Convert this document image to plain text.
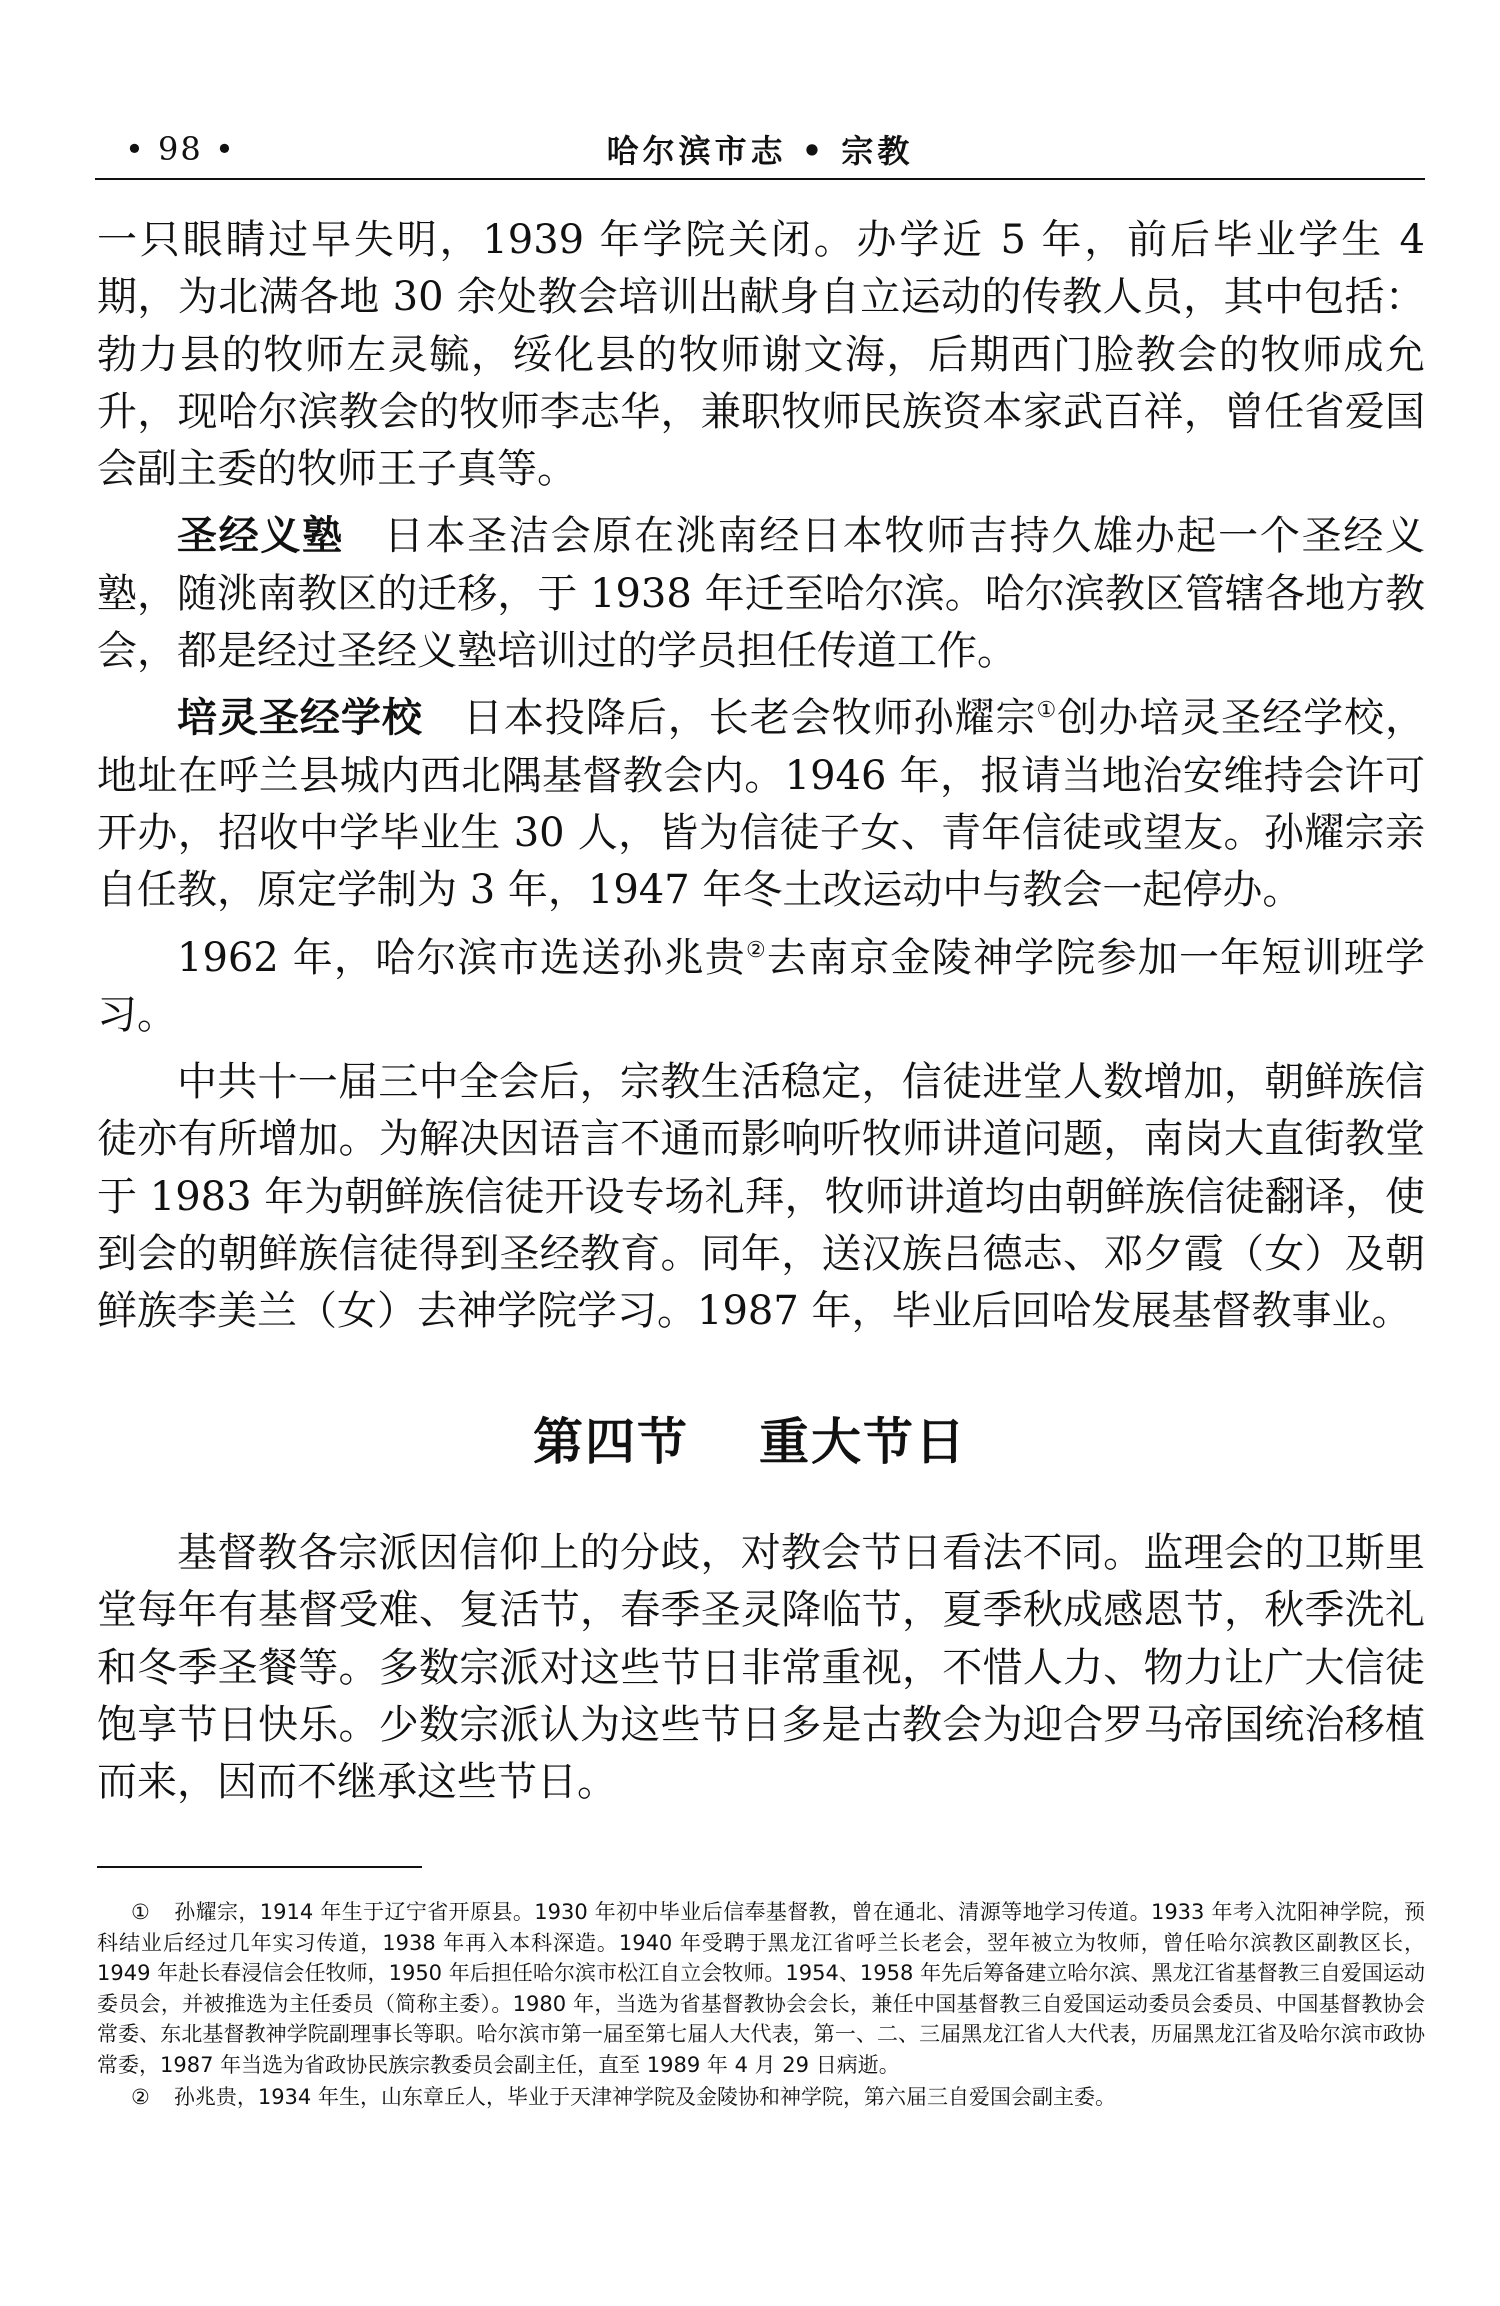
• 98 •	哈尔滨市志 • 宗教

一只眼睛过早失明，1939 年学院关闭。办学近 5 年，前后毕业学生 4 期，为北满各地 30 余处教会培训出献身自立运动的传教人员，其中包括：勃力县的牧师左灵毓，绥化县的牧师谢文海，后期西门脸教会的牧师成允升，现哈尔滨教会的牧师李志华，兼职牧师民族资本家武百祥，曾任省爱国会副主委的牧师王子真等。

圣经义塾 日本圣洁会原在洮南经日本牧师吉持久雄办起一个圣经义塾，随洮南教区的迁移，于 1938 年迁至哈尔滨。哈尔滨教区管辖各地方教会，都是经过圣经义塾培训过的学员担任传道工作。

培灵圣经学校 日本投降后，长老会牧师孙耀宗①创办培灵圣经学校，地址在呼兰县城内西北隅基督教会内。1946 年，报请当地治安维持会许可开办，招收中学毕业生 30 人，皆为信徒子女、青年信徒或望友。孙耀宗亲自任教，原定学制为 3 年，1947 年冬土改运动中与教会一起停办。

1962 年，哈尔滨市选送孙兆贵②去南京金陵神学院参加一年短训班学习。

中共十一届三中全会后，宗教生活稳定，信徒进堂人数增加，朝鲜族信徒亦有所增加。为解决因语言不通而影响听牧师讲道问题，南岗大直街教堂于 1983 年为朝鲜族信徒开设专场礼拜，牧师讲道均由朝鲜族信徒翻译，使到会的朝鲜族信徒得到圣经教育。同年，送汉族吕德志、邓夕霞（女）及朝鲜族李美兰（女）去神学院学习。1987 年，毕业后回哈发展基督教事业。

第四节 重大节日

基督教各宗派因信仰上的分歧，对教会节日看法不同。监理会的卫斯里堂每年有基督受难、复活节，春季圣灵降临节，夏季秋成感恩节，秋季洗礼和冬季圣餐等。多数宗派对这些节日非常重视，不惜人力、物力让广大信徒饱享节日快乐。少数宗派认为这些节日多是古教会为迎合罗马帝国统治移植而来，因而不继承这些节日。

① 孙耀宗，1914 年生于辽宁省开原县。1930 年初中毕业后信奉基督教，曾在通北、清源等地学习传道。1933 年考入沈阳神学院，预科结业后经过几年实习传道，1938 年再入本科深造。1940 年受聘于黑龙江省呼兰长老会，翌年被立为牧师，曾任哈尔滨教区副教区长，1949 年赴长春浸信会任牧师，1950 年后担任哈尔滨市松江自立会牧师。1954、1958 年先后筹备建立哈尔滨、黑龙江省基督教三自爱国运动委员会，并被推选为主任委员（简称主委）。1980 年，当选为省基督教协会会长，兼任中国基督教三自爱国运动委员会委员、中国基督教协会常委、东北基督教神学院副理事长等职。哈尔滨市第一届至第七届人大代表，第一、二、三届黑龙江省人大代表，历届黑龙江省及哈尔滨市政协常委，1987 年当选为省政协民族宗教委员会副主任，直至 1989 年 4 月 29 日病逝。

② 孙兆贵，1934 年生，山东章丘人，毕业于天津神学院及金陵协和神学院，第六届三自爱国会副主委。
